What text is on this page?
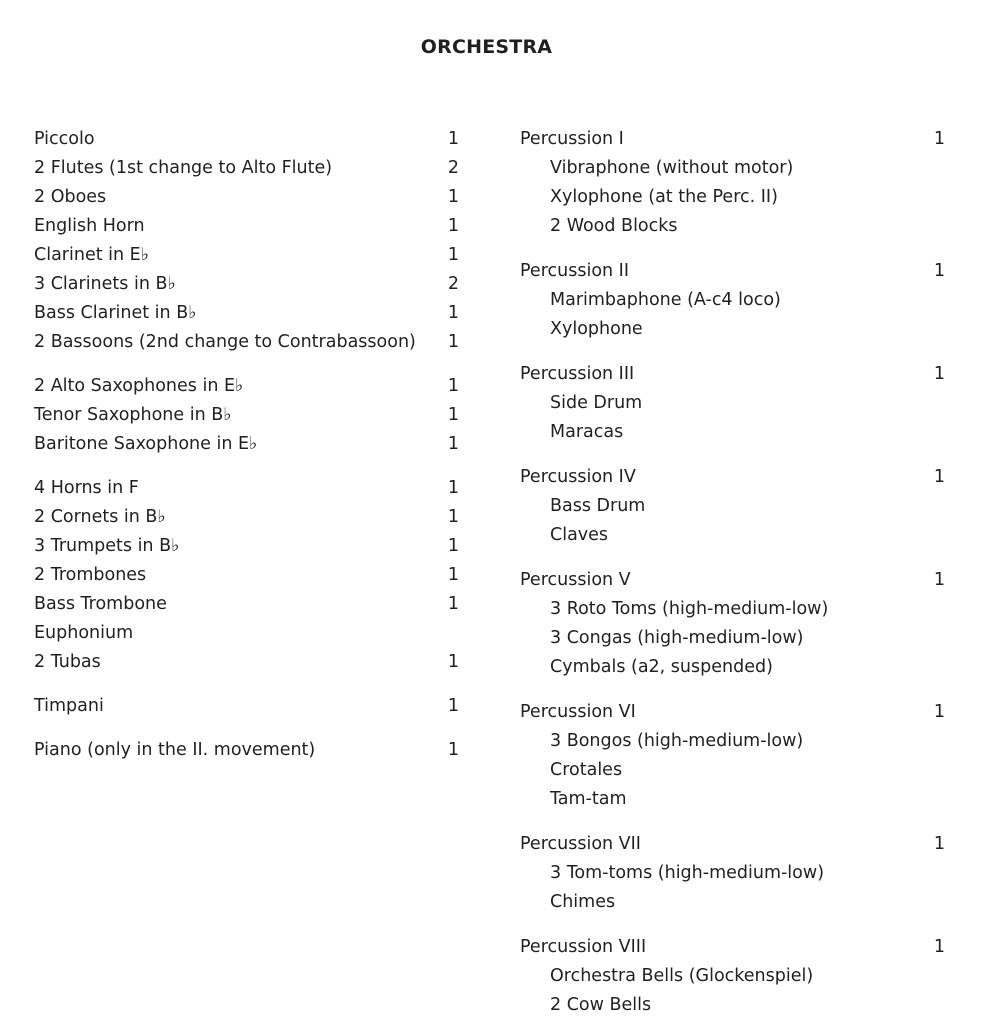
ORCHESTRA
Piccolo	1
2 Flutes (1st change to Alto Flute)	2
2 Oboes	1
English Horn	1
Clarinet in E♭	1
3 Clarinets in B♭	2
Bass Clarinet in B♭	1
2 Bassoons (2nd change to Contrabassoon)	1
2 Alto Saxophones in E♭	1
Tenor Saxophone in B♭	1
Baritone Saxophone in E♭	1
4 Horns in F	1
2 Cornets in B♭	1
3 Trumpets in B♭	1
2 Trombones	1
Bass Trombone	1
Euphonium
2 Tubas	1
Timpani	1
Piano (only in the II. movement)	1
Percussion I	1
Vibraphone (without motor)
Xylophone (at the Perc. II)
2 Wood Blocks
Percussion II	1
Marimbaphone (A-c4 loco)
Xylophone
Percussion III	1
Side Drum
Maracas
Percussion IV	1
Bass Drum
Claves
Percussion V	1
3 Roto Toms (high-medium-low)
3 Congas (high-medium-low)
Cymbals (a2, suspended)
Percussion VI	1
3 Bongos (high-medium-low)
Crotales
Tam-tam
Percussion VII	1
3 Tom-toms (high-medium-low)
Chimes
Percussion VIII	1
Orchestra Bells (Glockenspiel)
2 Cow Bells
